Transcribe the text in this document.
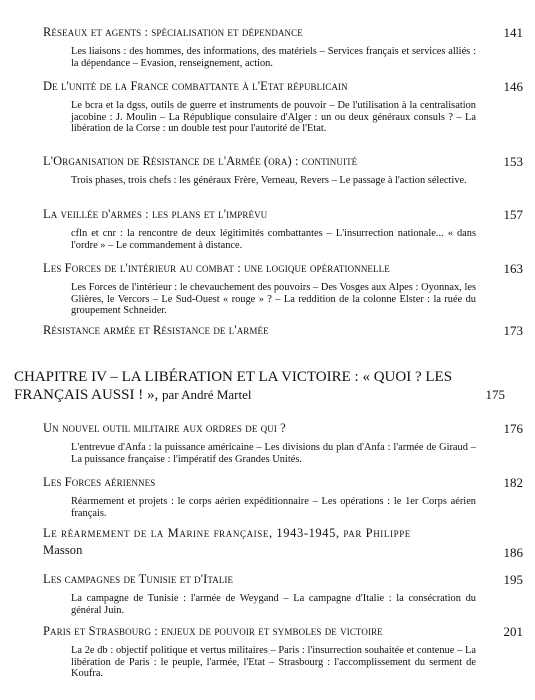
Réseaux et agents : spécialisation et dépendance	141
Les liaisons : des hommes, des informations, des matériels – Services français et services alliés : la dépendance – Evasion, renseignement, action.
De l'unité de la France combattante à l'Etat républicain	146
Le bcra et la dgss, outils de guerre et instruments de pouvoir – De l'utilisation à la centralisation jacobine : J. Moulin – La République consulaire d'Alger : un ou deux généraux consuls ? – La libération de la Corse : un double test pour l'autorité de l'Etat.
L'Organisation de Résistance de l'Armée (ora) : continuité	153
Trois phases, trois chefs : les généraux Frère, Verneau, Revers – Le passage à l'action sélective.
La veillée d'armes : les plans et l'imprévu	157
cfln et cnr : la rencontre de deux légitimités combattantes – L'insurrection nationale... « dans l'ordre » – Le commandement à distance.
Les Forces de l'intérieur au combat : une logique opérationnelle	163
Les Forces de l'intérieur : le chevauchement des pouvoirs – Des Vosges aux Alpes : Oyonnax, les Glières, le Vercors – Le Sud-Ouest « rouge » ? – La reddition de la colonne Elster : la ruée du groupement Schneider.
Résistance armée et Résistance de l'armée	173
CHAPITRE IV – LA LIBÉRATION ET LA VICTOIRE : « QUOI ? LES
FRANÇAIS AUSSI ! », par André Martel	175
Un nouvel outil militaire aux ordres de qui ?	176
L'entrevue d'Anfa : la puissance américaine – Les divisions du plan d'Anfa : l'armée de Giraud – La puissance française : l'impératif des Grandes Unités.
Les Forces aériennes	182
Réarmement et projets : le corps aérien expéditionnaire – Les opérations : le 1er Corps aérien français.
Le réarmement de la Marine française, 1943-1945, par Philippe
Masson	186
Les campagnes de Tunisie et d'Italie	195
La campagne de Tunisie : l'armée de Weygand – La campagne d'Italie : la consécration du général Juin.
Paris et Strasbourg : enjeux de pouvoir et symboles de victoire	201
La 2e db : objectif politique et vertus militaires – Paris : l'insurrection souhaitée et contenue – La libération de Paris : le peuple, l'armée, l'Etat – Strasbourg : l'accomplissement du serment de Koufra.
